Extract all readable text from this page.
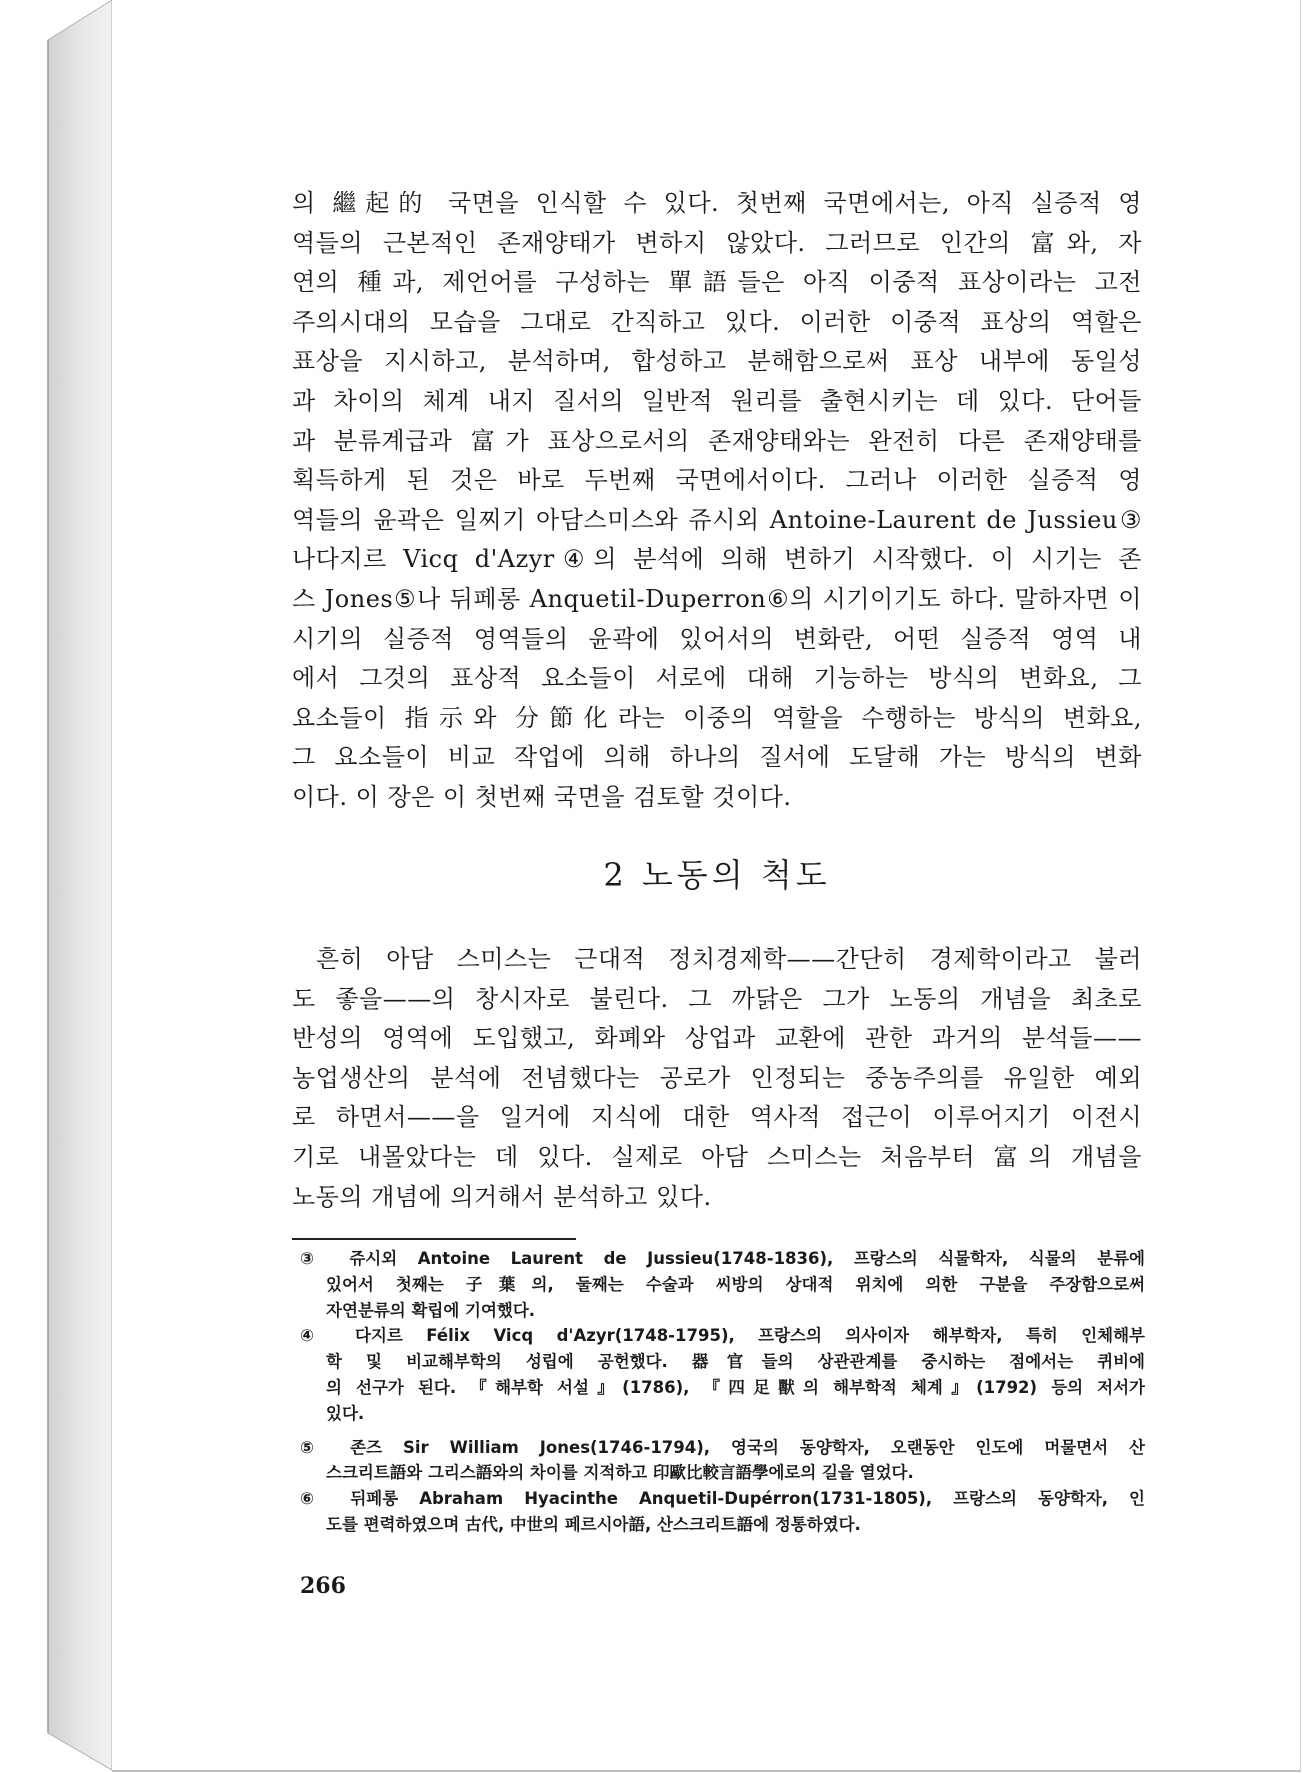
의 繼起的 국면을 인식할 수 있다. 첫번째 국면에서는, 아직 실증적 영
역들의 근본적인 존재양태가 변하지 않았다. 그러므로 인간의 富와, 자
연의 種과, 제언어를 구성하는 單語들은 아직 이중적 표상이라는 고전
주의시대의 모습을 그대로 간직하고 있다. 이러한 이중적 표상의 역할은
표상을 지시하고, 분석하며, 합성하고 분해함으로써 표상 내부에 동일성
과 차이의 체계 내지 질서의 일반적 원리를 출현시키는 데 있다. 단어들
과 분류계급과 富가 표상으로서의 존재양태와는 완전히 다른 존재양태를
획득하게 된 것은 바로 두번째 국면에서이다. 그러나 이러한 실증적 영
역들의 윤곽은 일찌기 아담스미스와 쥬시외 Antoine-Laurent de Jussieu③
나다지르 Vicq d'Azyr④의 분석에 의해 변하기 시작했다. 이 시기는 존
스 Jones⑤나 뒤페롱 Anquetil-Duperron⑥의 시기이기도 하다. 말하자면 이
시기의 실증적 영역들의 윤곽에 있어서의 변화란, 어떤 실증적 영역 내
에서 그것의 표상적 요소들이 서로에 대해 기능하는 방식의 변화요, 그
요소들이 指示와 分節化라는 이중의 역할을 수행하는 방식의 변화요,
그 요소들이 비교 작업에 의해 하나의 질서에 도달해 가는 방식의 변화
이다. 이 장은 이 첫번째 국면을 검토할 것이다.
2 노동의 척도
흔히 아담 스미스는 근대적 정치경제학——간단히 경제학이라고 불러
도 좋을——의 창시자로 불린다. 그 까닭은 그가 노동의 개념을 최초로
반성의 영역에 도입했고, 화폐와 상업과 교환에 관한 과거의 분석들——
농업생산의 분석에 전념했다는 공로가 인정되는 중농주의를 유일한 예외
로 하면서——을 일거에 지식에 대한 역사적 접근이 이루어지기 이전시
기로 내몰았다는 데 있다. 실제로 아담 스미스는 처음부터 富의 개념을
노동의 개념에 의거해서 분석하고 있다.
③ 쥬시외 Antoine Laurent de Jussieu(1748-1836), 프랑스의 식물학자, 식물의 분류에
있어서 첫째는 子葉의, 둘째는 수술과 씨방의 상대적 위치에 의한 구분을 주장함으로써
자연분류의 확립에 기여했다.
④ 다지르 Félix Vicq d'Azyr(1748-1795), 프랑스의 의사이자 해부학자, 특히 인체해부
학 및 비교해부학의 성립에 공헌했다. 器官들의 상관관계를 중시하는 점에서는 퀴비에
의 선구가 된다. 『해부학 서설』(1786), 『四足獸의 해부학적 체계』(1792) 등의 저서가
있다.
⑤ 존즈 Sir William Jones(1746-1794), 영국의 동양학자, 오랜동안 인도에 머물면서 산
스크리트語와 그리스語와의 차이를 지적하고 印歐比較言語學에로의 길을 열었다.
⑥ 뒤페롱 Abraham Hyacinthe Anquetil-Dupérron(1731-1805), 프랑스의 동양학자, 인
도를 편력하였으며 古代, 中世의 페르시아語, 산스크리트語에 정통하였다.
266
